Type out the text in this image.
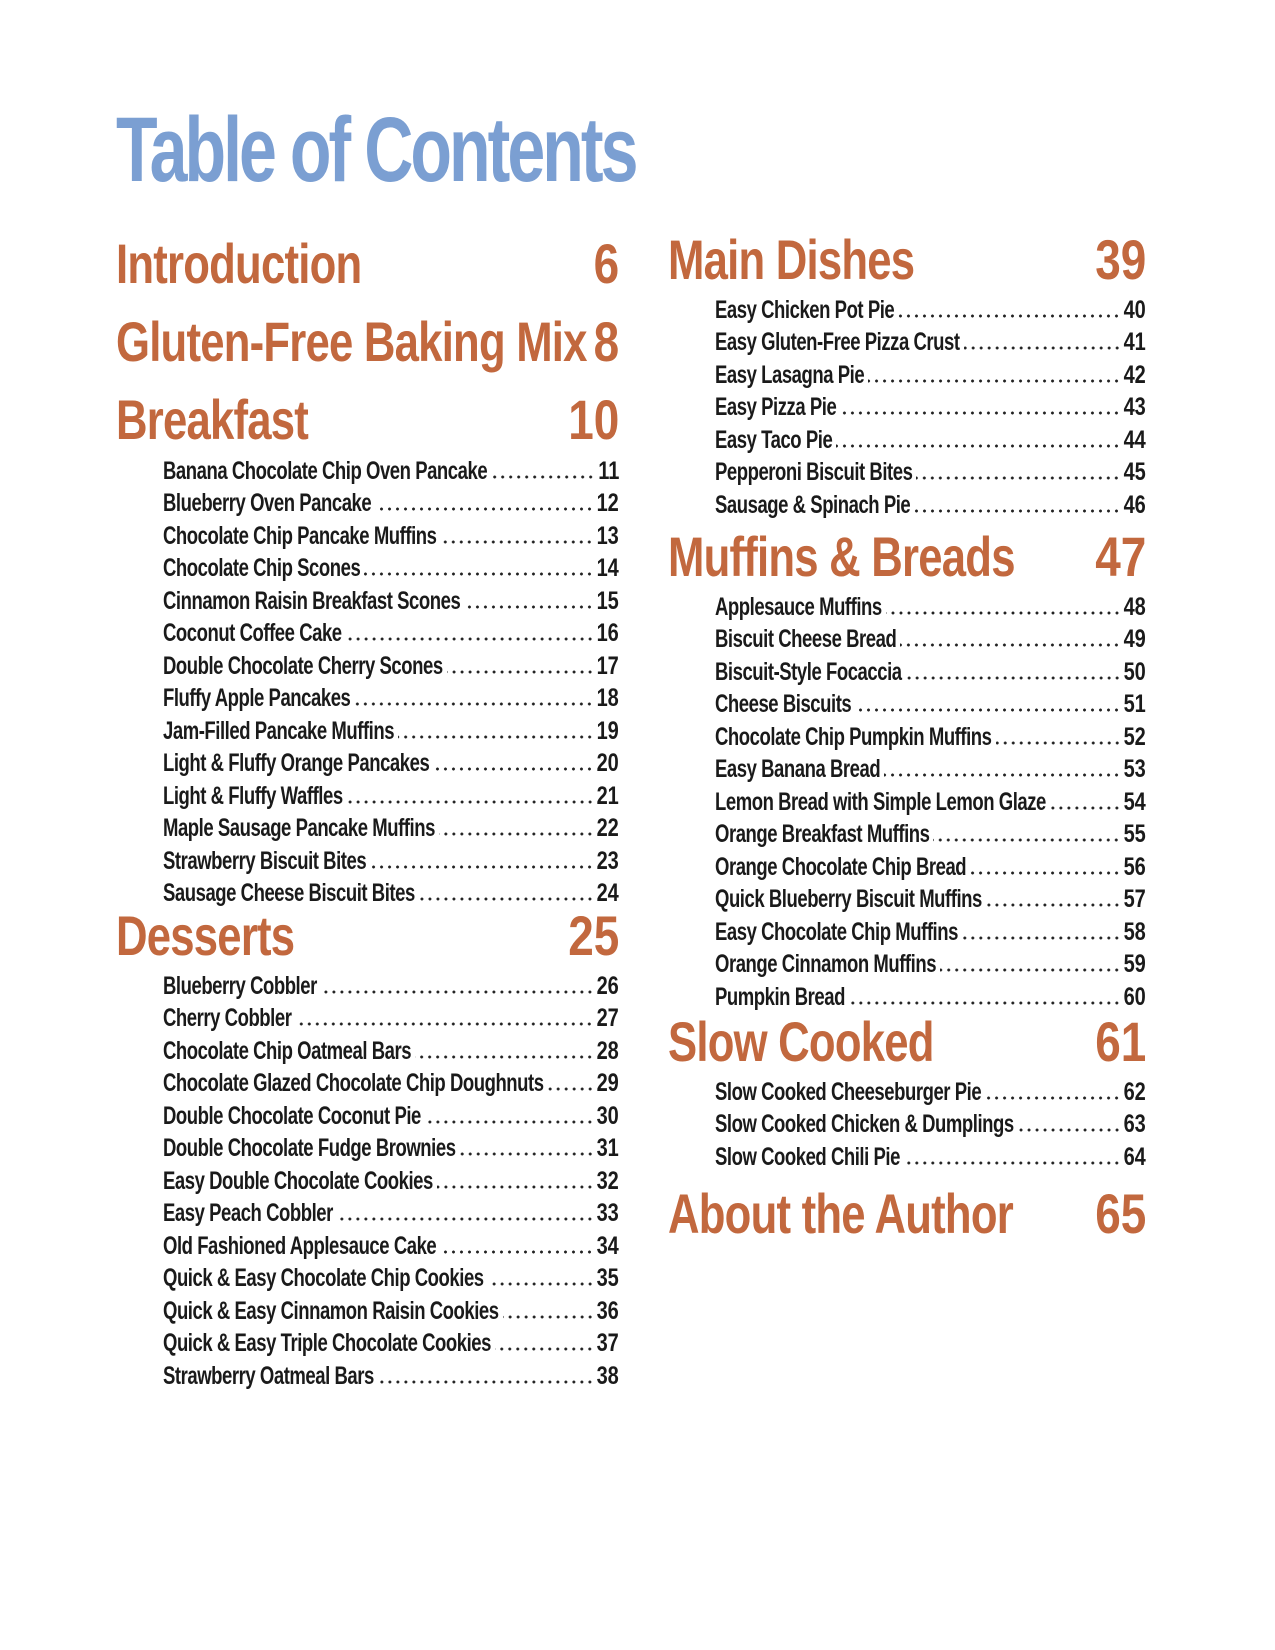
Table of Contents
Introduction	6
Gluten-Free Baking Mix 8
Breakfast	10
Banana Chocolate Chip Oven Pancake	11
Blueberry Oven Pancake	12
Chocolate Chip Pancake Muffins	13
Chocolate Chip Scones	14
Cinnamon Raisin Breakfast Scones	15
Coconut Coffee Cake	16
Double Chocolate Cherry Scones	17
Fluffy Apple Pancakes	18
Jam-Filled Pancake Muffins	19
Light & Fluffy Orange Pancakes	20
Light & Fluffy Waffles	21
Maple Sausage Pancake Muffins	22
Strawberry Biscuit Bites	23
Sausage Cheese Biscuit Bites	24
Desserts	25
Blueberry Cobbler	26
Cherry Cobbler	27
Chocolate Chip Oatmeal Bars	28
Chocolate Glazed Chocolate Chip Doughnuts 29
Double Chocolate Coconut Pie	30
Double Chocolate Fudge Brownies	31
Easy Double Chocolate Cookies	32
Easy Peach Cobbler	33
Old Fashioned Applesauce Cake	34
Quick & Easy Chocolate Chip Cookies	35
Quick & Easy Cinnamon Raisin Cookies	36
Quick & Easy Triple Chocolate Cookies	37
Strawberry Oatmeal Bars	38
Main Dishes	39
Easy Chicken Pot Pie	40
Easy Gluten-Free Pizza Crust	41
Easy Lasagna Pie	42
Easy Pizza Pie	43
Easy Taco Pie	44
Pepperoni Biscuit Bites	45
Sausage & Spinach Pie	46
Muffins & Breads 47
Applesauce Muffins	48
Biscuit Cheese Bread	49
Biscuit-Style Focaccia	50
Cheese Biscuits	51
Chocolate Chip Pumpkin Muffins	52
Easy Banana Bread	53
Lemon Bread with Simple Lemon Glaze	54
Orange Breakfast Muffins	55
Orange Chocolate Chip Bread	56
Quick Blueberry Biscuit Muffins	57
Easy Chocolate Chip Muffins	58
Orange Cinnamon Muffins	59
Pumpkin Bread	60
Slow Cooked	61
Slow Cooked Cheeseburger Pie	62
Slow Cooked Chicken & Dumplings	63
Slow Cooked Chili Pie	64
About the Author 65
